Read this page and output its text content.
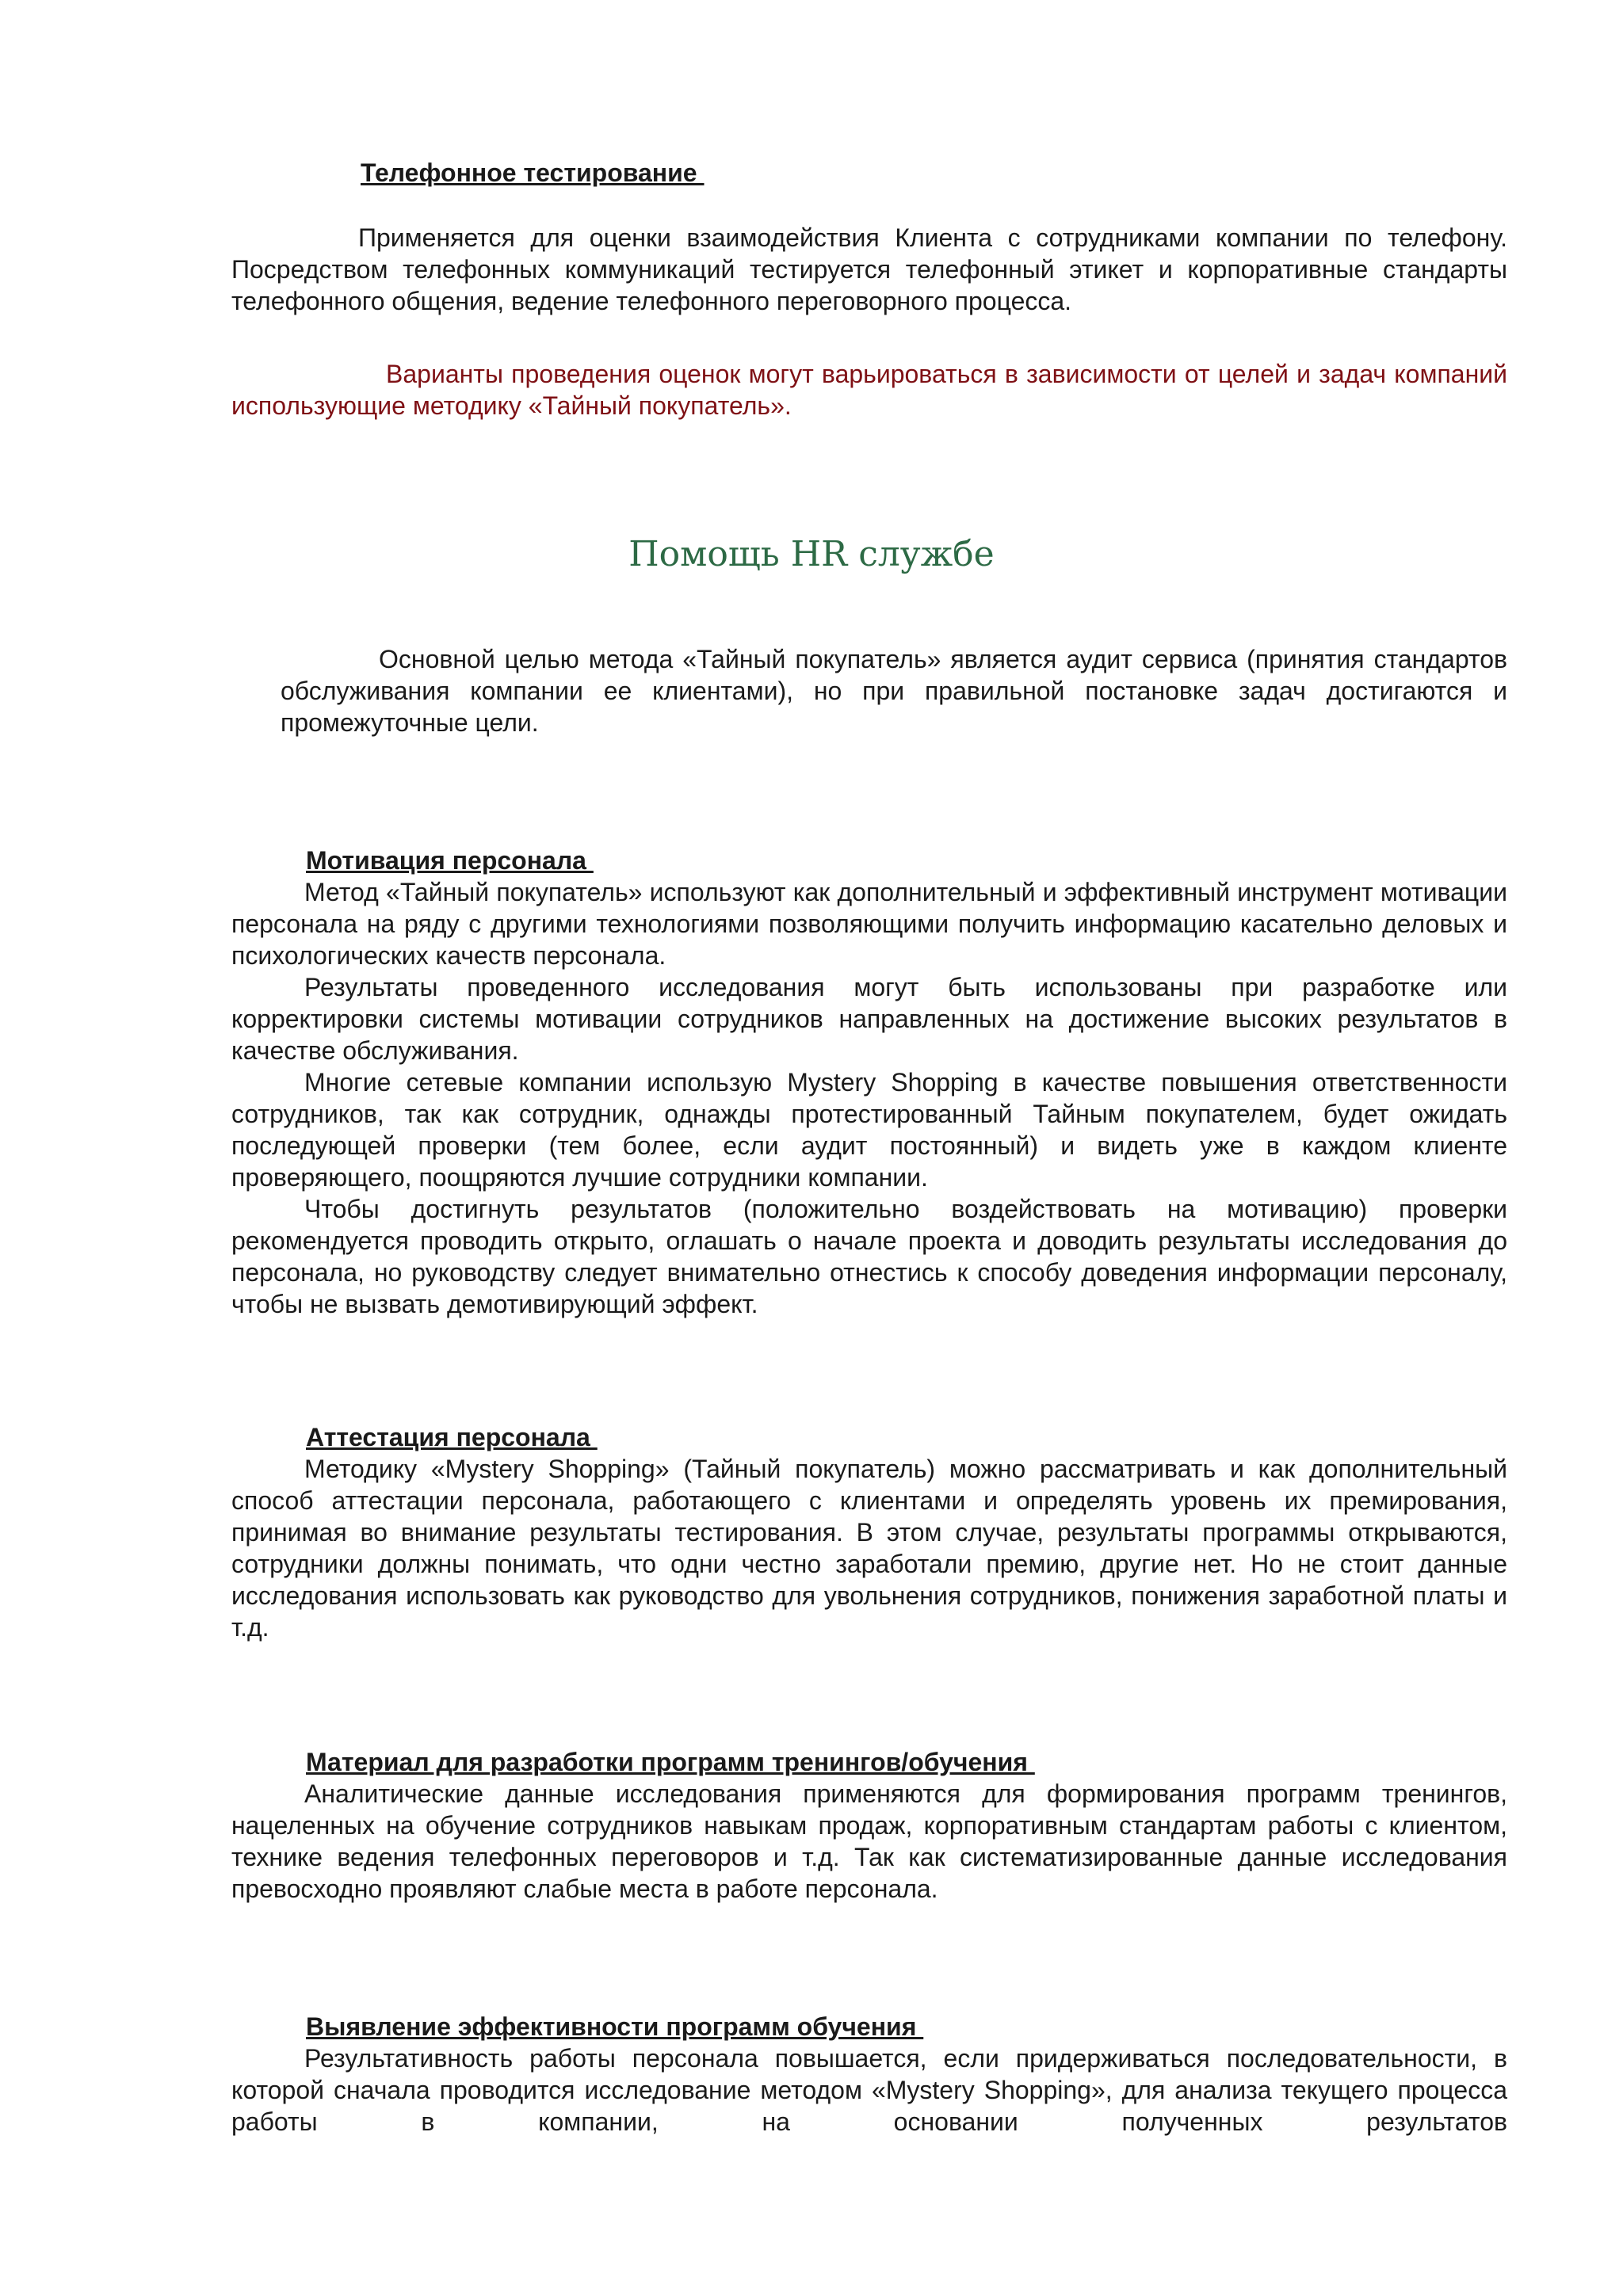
Телефонное тестирование

Применяется для оценки взаимодействия Клиента с сотрудниками компании по телефону. Посредством телефонных коммуникаций тестируется телефонный этикет и корпоративные стандарты телефонного общения, ведение телефонного переговорного процесса.

Варианты проведения оценок могут варьироваться в зависимости от целей и задач компаний использующие методику «Тайный покупатель».

Помощь HR службе

Основной целью метода «Тайный покупатель» является аудит сервиса (принятия стандартов обслуживания компании ее клиентами), но при правильной постановке задач достигаются и промежуточные цели.

Мотивация персонала

Метод «Тайный покупатель» используют как дополнительный и эффективный инструмент мотивации персонала на ряду с другими технологиями позволяющими получить информацию касательно деловых и психологических качеств персонала.

Результаты проведенного исследования могут быть использованы при разработке или корректировки системы мотивации сотрудников направленных на достижение высоких результатов в качестве обслуживания.

Многие сетевые компании использую Mystery Shopping в качестве повышения ответственности сотрудников, так как сотрудник, однажды протестированный Тайным покупателем, будет ожидать последующей проверки (тем более, если аудит постоянный) и видеть уже в каждом клиенте проверяющего, поощряются лучшие сотрудники компании.

Чтобы достигнуть результатов (положительно воздействовать на мотивацию) проверки рекомендуется проводить открыто, оглашать о начале проекта и доводить результаты исследования до персонала, но руководству следует внимательно отнестись к способу доведения информации персоналу, чтобы не вызвать демотивирующий эффект.

Аттестация персонала

Методику «Mystery Shopping» (Тайный покупатель) можно рассматривать и как дополнительный способ аттестации персонала, работающего с клиентами и определять уровень их премирования, принимая во внимание результаты тестирования. В этом случае, результаты программы открываются, сотрудники должны понимать, что одни честно заработали премию, другие нет. Но не стоит данные исследования использовать как руководство для увольнения сотрудников, понижения заработной платы и т.д.

Материал для разработки программ тренингов/обучения

Аналитические данные исследования применяются для формирования программ тренингов, нацеленных на обучение сотрудников навыкам продаж, корпоративным стандартам работы с клиентом, технике ведения телефонных переговоров и т.д. Так как систематизированные данные исследования превосходно проявляют слабые места в работе персонала.

Выявление эффективности программ обучения

Результативность работы персонала повышается, если придерживаться последовательности, в которой сначала проводится исследование методом «Mystery Shopping», для анализа текущего процесса работы в компании, на основании полученных результатов
